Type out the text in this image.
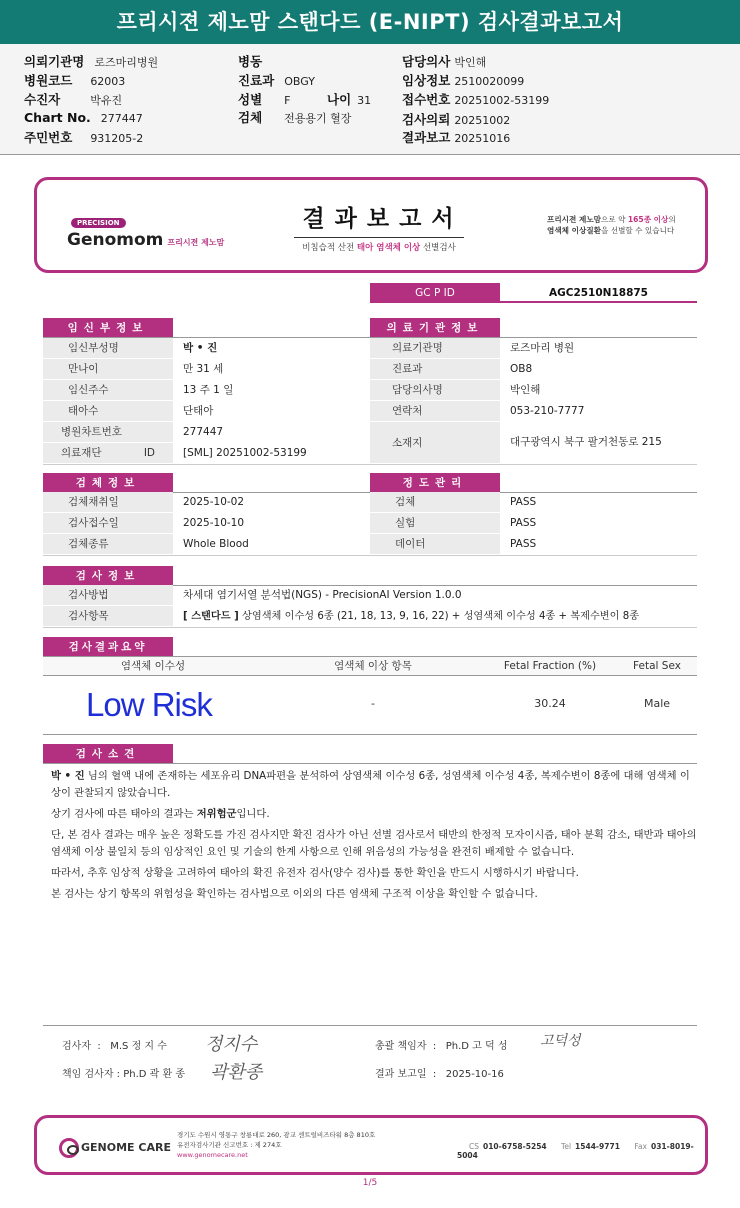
프리시젼 제노맘 스탠다드 (E-NIPT) 검사결과보고서
의뢰기관명 로즈마리병원
병원코드 62003
수진자	박유진
Chart No. 277447
주민번호 931205-2
병동
진료과 OBGY
성별 F	나이 31
검체 전용용기 혈장
담당의사 박인해
임상정보 2510020099
접수번호 20251002-53199
검사의뢰 20251002
결과보고 20251016
PRECISION
Genomom 프리시젼 제노맘
결과보고서
비침습적 산전 태아 염색체 이상 선별검사
프리시젼 제노맘으로 약 165종 이상의
염색체 이상질환을 선별할 수 있습니다
GC P ID	AGC2510N18875
임신부정보	의료기관정보
임신부성명	박 • 진
만나이	만 31 세
임신주수	13 주 1 일
태아수	단태아
병원차트번호	277447
의료재단 ID	[SML] 20251002-53199
의료기관명	로즈마리 병원
진료과	OB8
담당의사명	박인해
연락처	053-210-7777
소재지	대구광역시 북구 팔거천동로 215
검체정보	정도관리
검체채취일	2025-10-02
검사접수일	2025-10-10
검체종류	Whole Blood
검체	PASS
실험	PASS
데이터	PASS
검사정보
검사방법	차세대 염기서열 분석법(NGS) - PrecisionAI Version 1.0.0
검사항목	[ 스탠다드 ] 상염색체 이수성 6종 (21, 18, 13, 9, 16, 22) + 성염색체 이수성 4종 + 복제수변이 8종
검사결과요약
염색체 이수성	염색체 이상 항목	Fetal Fraction (%)	Fetal Sex
Low Risk	-	30.24	Male
검사소견

박 • 진 님의 혈액 내에 존재하는 세포유리 DNA파편을 분석하여 상염색체 이수성 6종, 성염색체 이수성 4종, 복제수변이 8종에 대해 염색체 이상이 관찰되지 않았습니다.

상기 검사에 따른 태아의 결과는 저위험군입니다.

단, 본 검사 결과는 매우 높은 정확도를 가진 검사지만 확진 검사가 아닌 선별 검사로서 태반의 한정적 모자이시즘, 태아 분획 감소, 태반과 태아의 염색체 이상 불일치 등의 임상적인 요인 및 기술의 한계 사항으로 인해 위음성의 가능성을 완전히 배제할 수 없습니다.

따라서, 추후 임상적 상황을 고려하여 태아의 확진 유전자 검사(양수 검사)를 통한 확인을 반드시 시행하시기 바랍니다.

본 검사는 상기 항목의 위험성을 확인하는 검사법으로 이외의 다른 염색체 구조적 이상을 확인할 수 없습니다.

검사자  :   M.S 정 지 수 정지수
책임 검사자 : Ph.D 곽 환 종 곽환종
총괄 책임자  :   Ph.D 고 덕 성 고덕성
결과 보고일  :   2025-10-16
GENOME CARE
경기도 수원시 영통구 창룡대로 260, 광교 센트럴비즈타워 8층 810호
유전자검사기관 신고번호 : 제 274호
www.genomecare.net
CS 010-6758-5254 Tel 1544-9771 Fax 031-8019-5004
1/5
